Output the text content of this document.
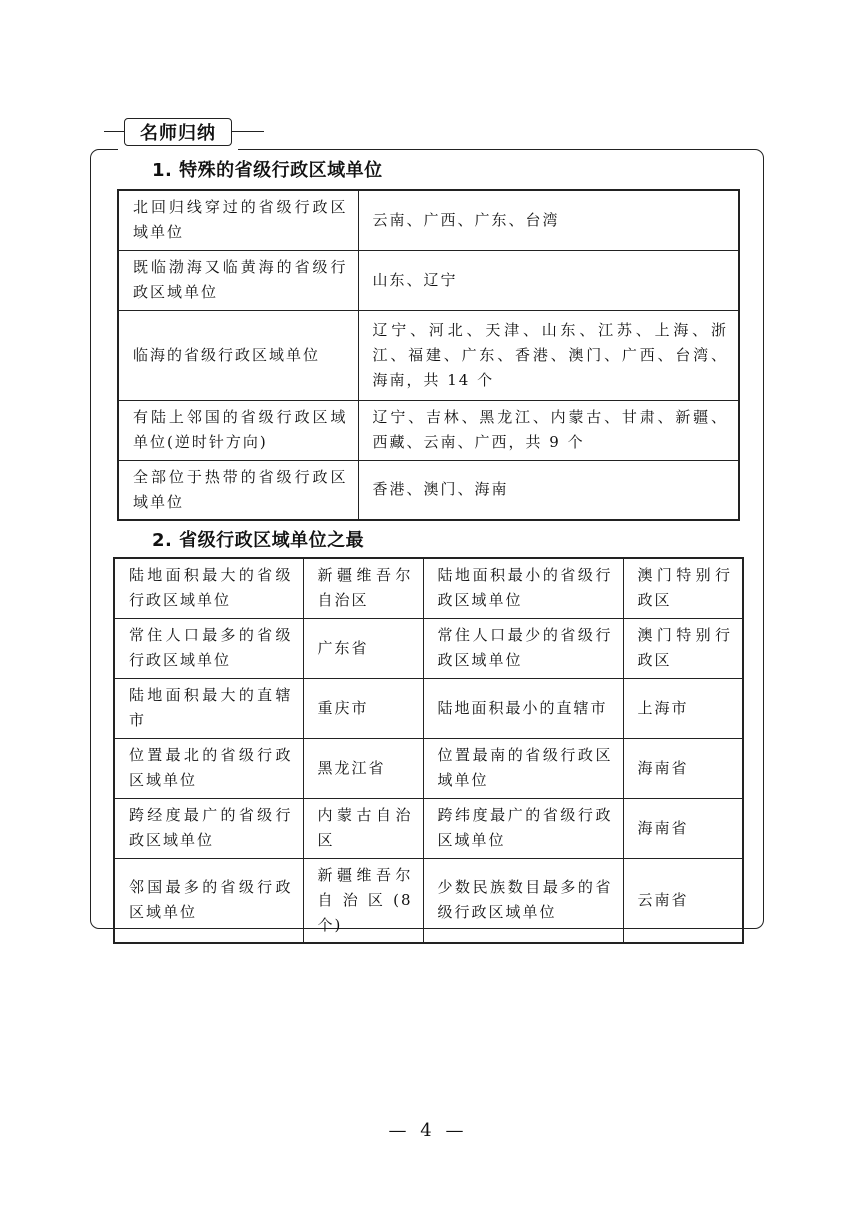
名师归纳
1. 特殊的省级行政区域单位
北回归线穿过的省级行政区域单位	云南、广西、广东、台湾
既临渤海又临黄海的省级行政区域单位	山东、辽宁
临海的省级行政区域单位	辽宁、河北、天津、山东、江苏、上海、浙江、福建、广东、香港、澳门、广西、台湾、海南，共 14 个
有陆上邻国的省级行政区域单位(逆时针方向)	辽宁、吉林、黑龙江、内蒙古、甘肃、新疆、西藏、云南、广西，共 9 个
全部位于热带的省级行政区域单位	香港、澳门、海南
2. 省级行政区域单位之最
陆地面积最大的省级行政区域单位	新疆维吾尔自治区	陆地面积最小的省级行政区域单位	澳门特别行政区
常住人口最多的省级行政区域单位	广东省	常住人口最少的省级行政区域单位	澳门特别行政区
陆地面积最大的直辖市	重庆市	陆地面积最小的直辖市	上海市
位置最北的省级行政区域单位	黑龙江省	位置最南的省级行政区域单位	海南省
跨经度最广的省级行政区域单位	内蒙古自治区	跨纬度最广的省级行政区域单位	海南省
邻国最多的省级行政区域单位	新疆维吾尔自治区(8个)	少数民族数目最多的省级行政区域单位	云南省
— 4 —
